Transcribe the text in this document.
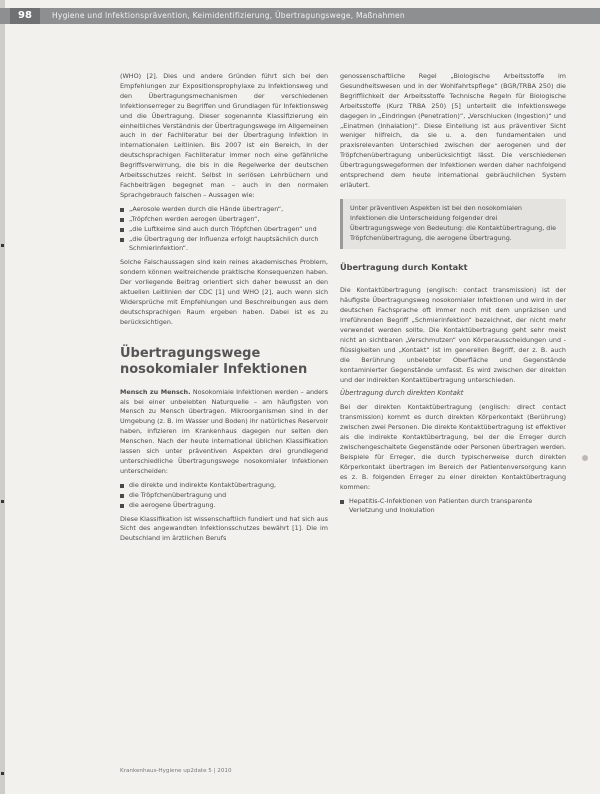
98	Hygiene und Infektionsprävention, Keimidentifizierung, Übertragungswege, Maßnahmen

(WHO) [2]. Dies und andere Gründen führt sich bei den Empfehlungen zur Expositionsprophylaxe zu Infektionsweg und den Übertragungsmechanismen der verschiedenen Infektionserreger zu Begriffen und Grundlagen für Infektionsweg und die Übertragung. Dieser sogenannte Klassifizierung ein einheitliches Verständnis der Übertragungswege im Allgemeinen auch in der Fachliteratur bei der Übertragung Infektion in internationalen Leitlinien. Bis 2007 ist ein Bereich, in der deutschsprachigen Fachliteratur immer noch eine gefährliche Begriffsverwirrung, die bis in die Regelwerke der deutschen Arbeitsschutzes reicht. Selbst in seriösen Lehrbüchern und Fachbeiträgen begegnet man – auch in den normalen Sprachgebrauch falschen – Aussagen wie:

„Aerosole werden durch die Hände übertragen“,
„Tröpfchen werden aerogen übertragen“,
„die Luftkeime sind auch durch Tröpfchen übertragen“ und
„die Übertragung der Influenza erfolgt hauptsächlich durch Schmierinfektion“.

Solche Falschaussagen sind kein reines akademisches Problem, sondern können weitreichende praktische Konsequenzen haben. Der vorliegende Beitrag orientiert sich daher bewusst an den aktuellen Leitlinien der CDC [1] und WHO [2], auch wenn sich Widersprüche mit Empfehlungen und Beschreibungen aus dem deutschsprachigen Raum ergeben haben. Dabei ist es zu berücksichtigen.

Übertragungswege nosokomialer Infektionen

Mensch zu Mensch. Nosokomiale Infektionen werden – anders als bei einer unbelebten Naturquelle – am häufigsten von Mensch zu Mensch übertragen. Mikroorganismen sind in der Umgebung (z. B. im Wasser und Boden) ihr natürliches Reservoir haben, infizieren im Krankenhaus dagegen nur selten den Menschen. Nach der heute international üblichen Klassifikation lassen sich unter präventiven Aspekten drei grundlegend unterschiedliche Übertragungswege nosokomialer Infektionen unterscheiden:

die direkte und indirekte Kontaktübertragung,
die Tröpfchenübertragung und
die aerogene Übertragung.

Diese Klassifikation ist wissenschaftlich fundiert und hat sich aus Sicht des angewandten Infektionsschutzes bewährt [1]. Die im Deutschland im ärztlichen Berufs

genossenschaftliche Regel „Biologische Arbeitsstoffe im Gesundheitswesen und in der Wohlfahrtspflege“ (BGR/TRBA 250) die Begrifflichkeit der Arbeitsstoffe Technische Regeln für Biologische Arbeitsstoffe (Kurz TRBA 250) [5] unterteilt die Infektionswege dagegen in „Eindringen (Penetration)“, „Verschlucken (Ingestion)“ und „Einatmen (Inhalation)“. Diese Einteilung ist aus präventiver Sicht weniger hilfreich, da sie u. a. den fundamentalen und praxisrelevanten Unterschied zwischen der aerogenen und der Tröpfchenübertragung unberücksichtigt lässt. Die verschiedenen Übertragungswegeformen der Infektionen werden daher nachfolgend entsprechend dem heute international gebräuchlichen System erläutert.

Unter präventiven Aspekten ist bei den nosokomialen Infektionen die Unterscheidung folgender drei Übertragungswege von Bedeutung: die Kontaktübertragung, die Tröpfchenübertragung, die aerogene Übertragung.
Übertragung durch Kontakt

Die Kontaktübertragung (englisch: contact transmission) ist der häufigste Übertragungsweg nosokomialer Infektionen und wird in der deutschen Fachsprache oft immer noch mit dem unpräzisen und irreführenden Begriff „Schmierinfektion“ bezeichnet, der nicht mehr verwendet werden sollte. Die Kontaktübertragung geht sehr meist nicht an sichtbaren „Verschmutzen“ von Körperausscheidungen und -flüssigkeiten und „Kontakt“ ist im generellen Begriff, der z. B. auch die Berührung unbelebter Oberfläche und Gegenstände kontaminierter Gegenstände umfasst. Es wird zwischen der direkten und der indirekten Kontaktübertragung unterschieden.

Übertragung durch direkten Kontakt

Bei der direkten Kontaktübertragung (englisch: direct contact transmission) kommt es durch direkten Körperkontakt (Berührung) zwischen zwei Personen. Die direkte Kontaktübertragung ist effektiver als die indirekte Kontaktübertragung, bei der die Erreger durch zwischengeschaltete Gegenstände oder Personen übertragen werden. Beispiele für Erreger, die durch typischerweise durch direkten Körperkontakt übertragen im Bereich der Patientenversorgung kann es z. B. folgenden Erreger zu einer direkten Kontaktübertragung kommen:

Hepatitis-C-Infektionen von Patienten durch transparente Verletzung und Inokulation
Krankenhaus-Hygiene up2date 5 | 2010
